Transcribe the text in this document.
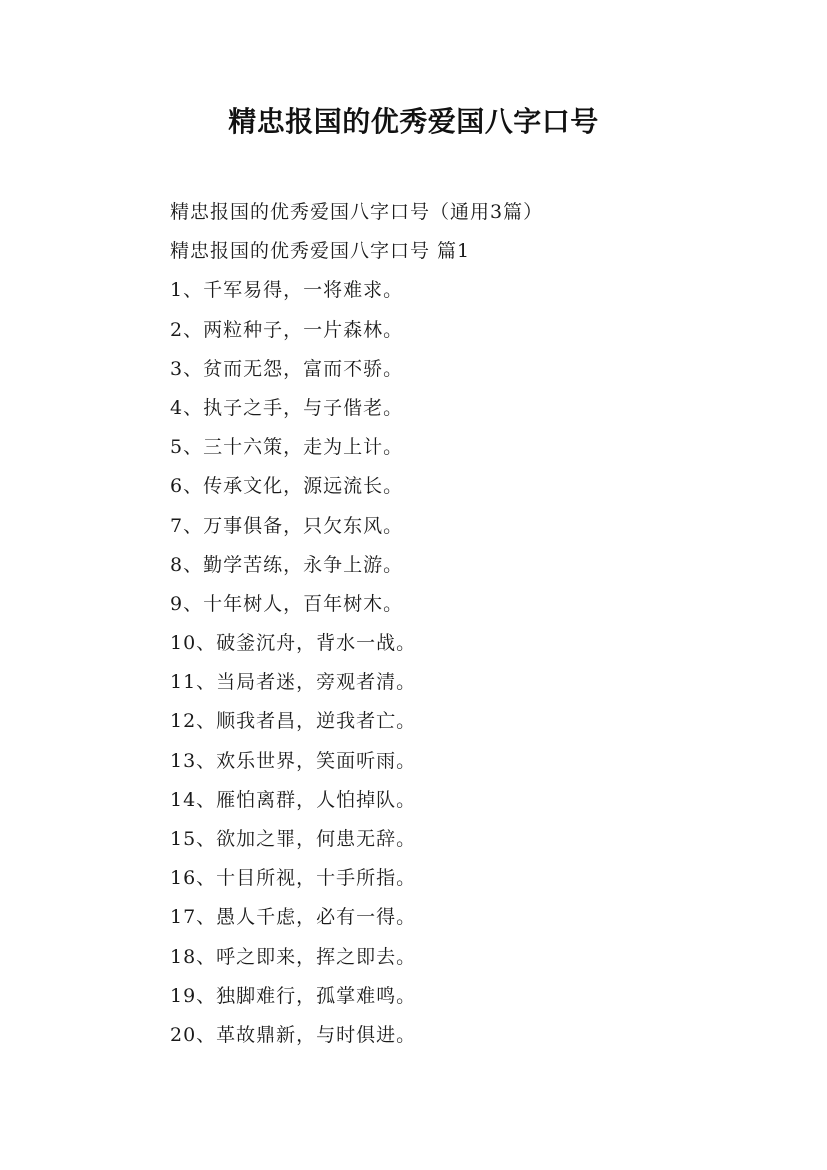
精忠报国的优秀爱国八字口号
精忠报国的优秀爱国八字口号（通用3篇）
精忠报国的优秀爱国八字口号 篇1
1、千军易得，一将难求。
2、两粒种子，一片森林。
3、贫而无怨，富而不骄。
4、执子之手，与子偕老。
5、三十六策，走为上计。
6、传承文化，源远流长。
7、万事俱备，只欠东风。
8、勤学苦练，永争上游。
9、十年树人，百年树木。
10、破釜沉舟，背水一战。
11、当局者迷，旁观者清。
12、顺我者昌，逆我者亡。
13、欢乐世界，笑面听雨。
14、雁怕离群，人怕掉队。
15、欲加之罪，何患无辞。
16、十目所视，十手所指。
17、愚人千虑，必有一得。
18、呼之即来，挥之即去。
19、独脚难行，孤掌难鸣。
20、革故鼎新，与时俱进。
